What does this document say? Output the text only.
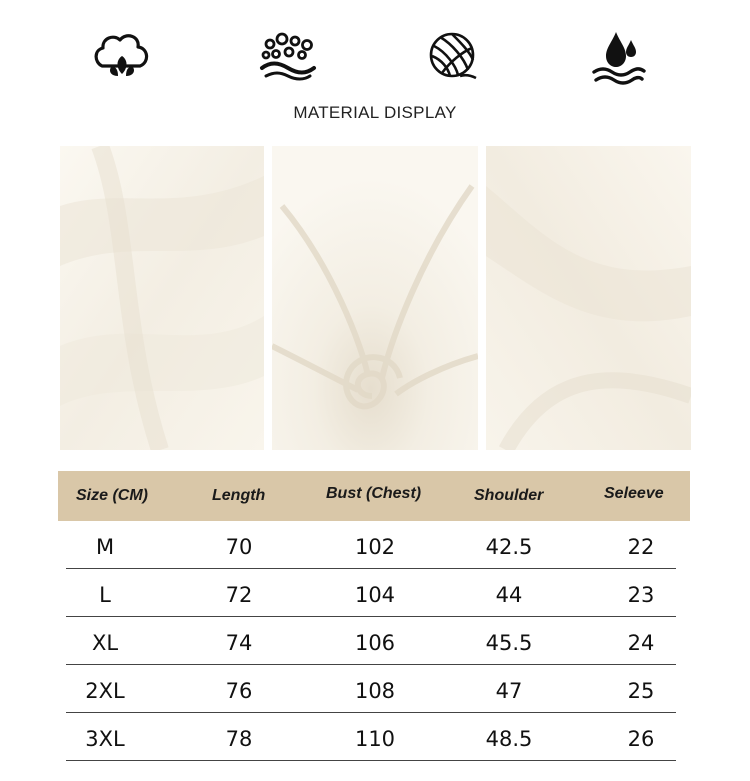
MATERIAL DISPLAY
Size (CM)	Length	Bust (Chest)	Shoulder	Seleeve
M	70	102	42.5	22
L	72	104	44	23
XL	74	106	45.5	24
2XL	76	108	47	25
3XL	78	110	48.5	26
